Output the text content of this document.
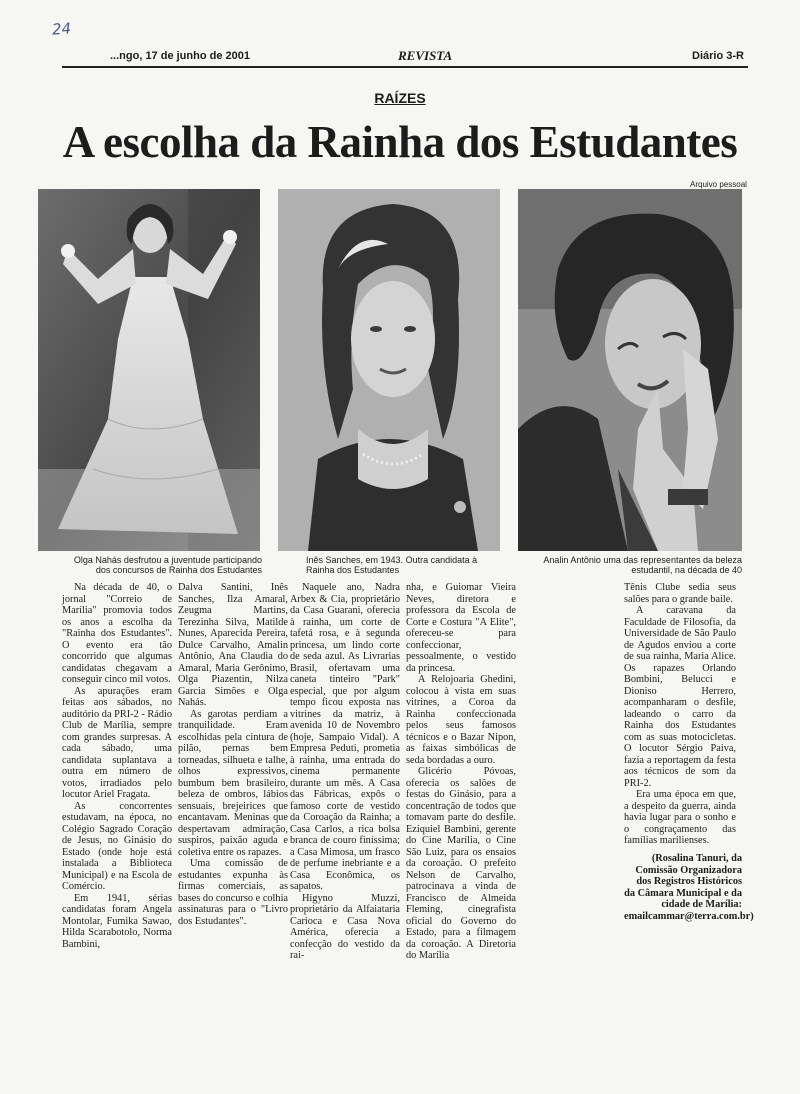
24
...ngo, 17 de junho de 2001	REVISTA	Diário 3-R
RAÍZES
A escolha da Rainha dos Estudantes
Arquivo pessoal
Olga Nahás desfrutou a juventude participando dos concursos de Rainha dos Estudantes
Inês Sanches, em 1943. Outra candidata à Rainha dos Estudantes
Analin Antônio uma das representantes da beleza estudantil, na década de 40

Na década de 40, o jornal "Correio de Marília" promovia todos os anos a escolha da "Rainha dos Estudantes". O evento era tão concorrido que algumas candidatas chegavam a conseguir cinco mil votos.

As apurações eram feitas aos sábados, no auditório da PRI-2 - Rádio Club de Marília, sempre com grandes surpresas. A cada sábado, uma candidata suplantava a outra em número de votos, irradiados pelo locutor Ariel Fragata.

As concorrentes estudavam, na época, no Colégio Sagrado Coração de Jesus, no Ginásio do Estado (onde hoje está instalada a Biblioteca Municipal) e na Escola de Comércio.

Em 1941, sérias candidatas foram Angela Montolar, Fumika Sawao, Hilda Scarabotolo, Norma Bambini,

Dalva Santini, Inês Sanches, Ilza Amaral, Zeugma Martins, Terezinha Silva, Matilde Nunes, Aparecida Pereira, Dulce Carvalho, Amalin Antônio, Ana Claudia do Amaral, Maria Gerônimo, Olga Piazentin, Nilza Garcia Simões e Olga Nahás.

As garotas perdiam a tranquilidade. Eram escolhidas pela cintura de pilão, pernas bem torneadas, silhueta e talhe, olhos expressivos, bumbum bem brasileiro, beleza de ombros, lábios sensuais, brejeirices que encantavam. Meninas que despertavam admiração, suspiros, paixão aguda e coletiva entre os rapazes.

Uma comissão de estudantes expunha às firmas comerciais, as bases do concurso e colhia assinaturas para o "Livro dos Estudantes".

Naquele ano, Nadra Arbex & Cia, proprietário da Casa Guarani, oferecia à rainha, um corte de tafetá rosa, e à segunda princesa, um lindo corte de seda azul. As Livrarias Brasil, ofertavam uma caneta tinteiro "Park" especial, que por algum tempo ficou exposta nas vitrines da matriz, à avenida 10 de Novembro (hoje, Sampaio Vidal). A Empresa Peduti, prometia à rainha, uma entrada do cinema permanente durante um mês. A Casa das Fábricas, expôs o famoso corte de vestido da Coroação da Rainha; a Casa Carlos, a rica bolsa branca de couro finíssima; a Casa Mimosa, um frasco de perfume inebriante e a Casa Econômica, os sapatos.

Higyno Muzzi, proprietário da Alfaiataria Carioca e Casa Nova América, oferecia a confecção do vestido da rai-

nha, e Guiomar Vieira Neves, diretora e professora da Escola de Corte e Costura "A Elite", ofereceu-se para confeccionar, pessoalmente, o vestido da princesa.

A Relojoaria Ghedini, colocou à vista em suas vitrines, a Coroa da Rainha confeccionada pelos seus famosos técnicos e o Bazar Nipon, as faixas simbólicas de seda bordadas a ouro.

Glicério Póvoas, oferecia os salões de festas do Ginásio, para a concentração de todos que tomavam parte do desfile. Eziquiel Bambini, gerente do Cine Marília, o Cine São Luiz, para os ensaios da coroação. O prefeito Nelson de Carvalho, patrocinava a vinda de Francisco de Almeida Fleming, cinegrafista oficial do Governo do Estado, para a filmagem da coroação. A Diretoria do Marília

Tênis Clube sedia seus salões para o grande baile.

A caravana da Faculdade de Filosofia, da Universidade de São Paulo de Agudos enviou a corte de sua rainha, Maria Alice. Os rapazes Orlando Bombini, Belucci e Dioniso Herrero, acompanharam o desfile, ladeando o carro da Rainha dos Estudantes com as suas motocicletas. O locutor Sérgio Paiva, fazia a reportagem da festa aos técnicos de som da PRI-2.

Era uma época em que, a despeito da guerra, ainda havia lugar para o sonho e o congraçamento das famílias marilienses.

(Rosalina Tanuri, da Comissão Organizadora dos Registros Históricos da Câmara Municipal e da cidade de Marília: emailcammar@terra.com.br)
